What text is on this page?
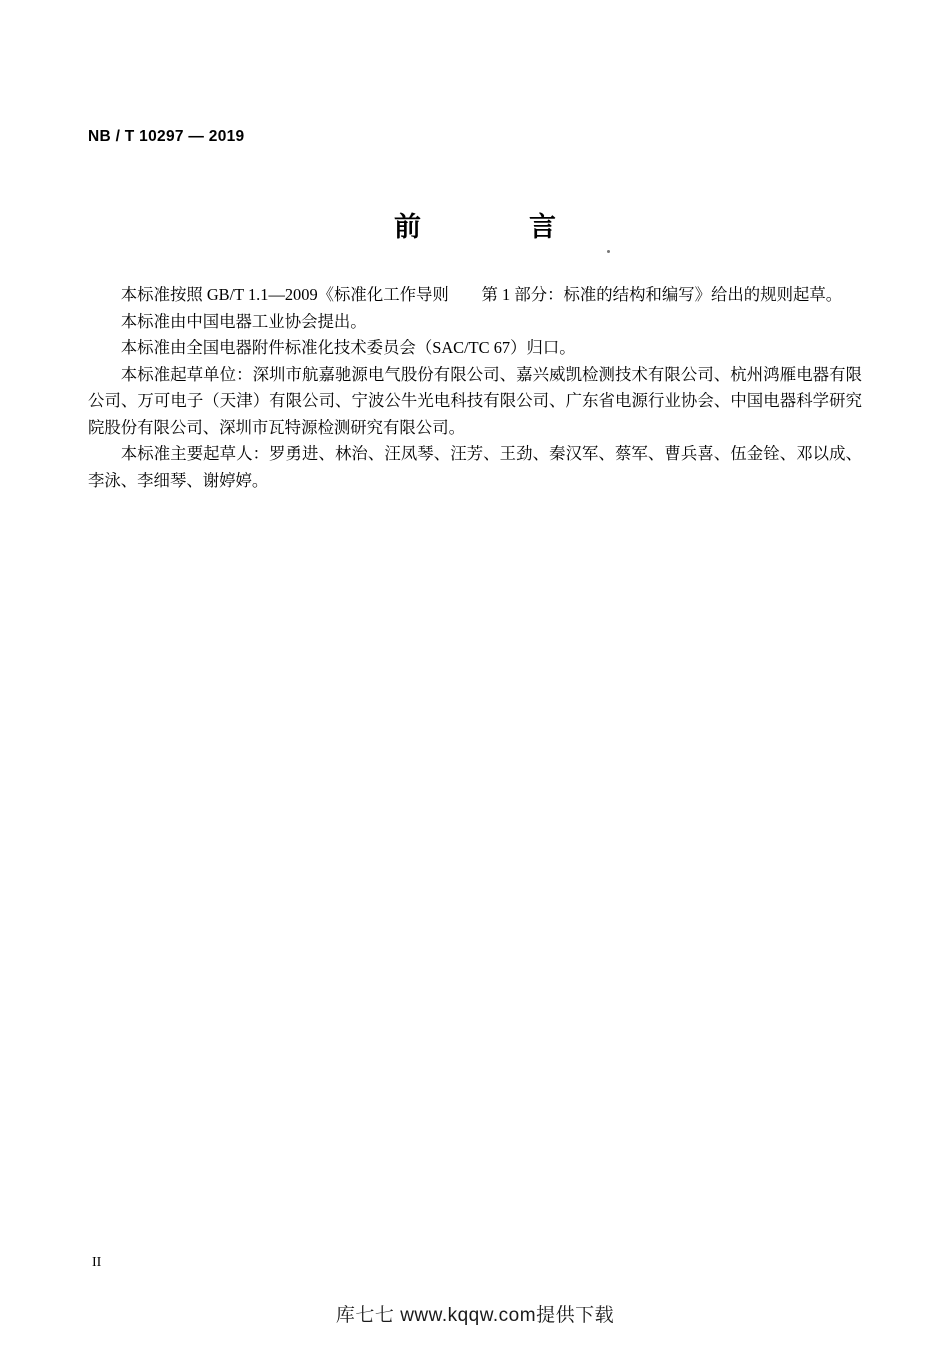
NB / T 10297 — 2019
前　　言

本标准按照 GB/T 1.1—2009《标准化工作导则　　第 1 部分：标准的结构和编写》给出的规则起草。

本标准由中国电器工业协会提出。

本标准由全国电器附件标准化技术委员会（SAC/TC 67）归口。

本标准起草单位：深圳市航嘉驰源电气股份有限公司、嘉兴威凯检测技术有限公司、杭州鸿雁电器有限公司、万可电子（天津）有限公司、宁波公牛光电科技有限公司、广东省电源行业协会、中国电器科学研究院股份有限公司、深圳市瓦特源检测研究有限公司。

本标准主要起草人：罗勇进、林治、汪凤琴、汪芳、王劲、秦汉军、蔡军、曹兵喜、伍金铨、邓以成、李泳、李细琴、谢婷婷。

II
库七七 www.kqqw.com提供下载
